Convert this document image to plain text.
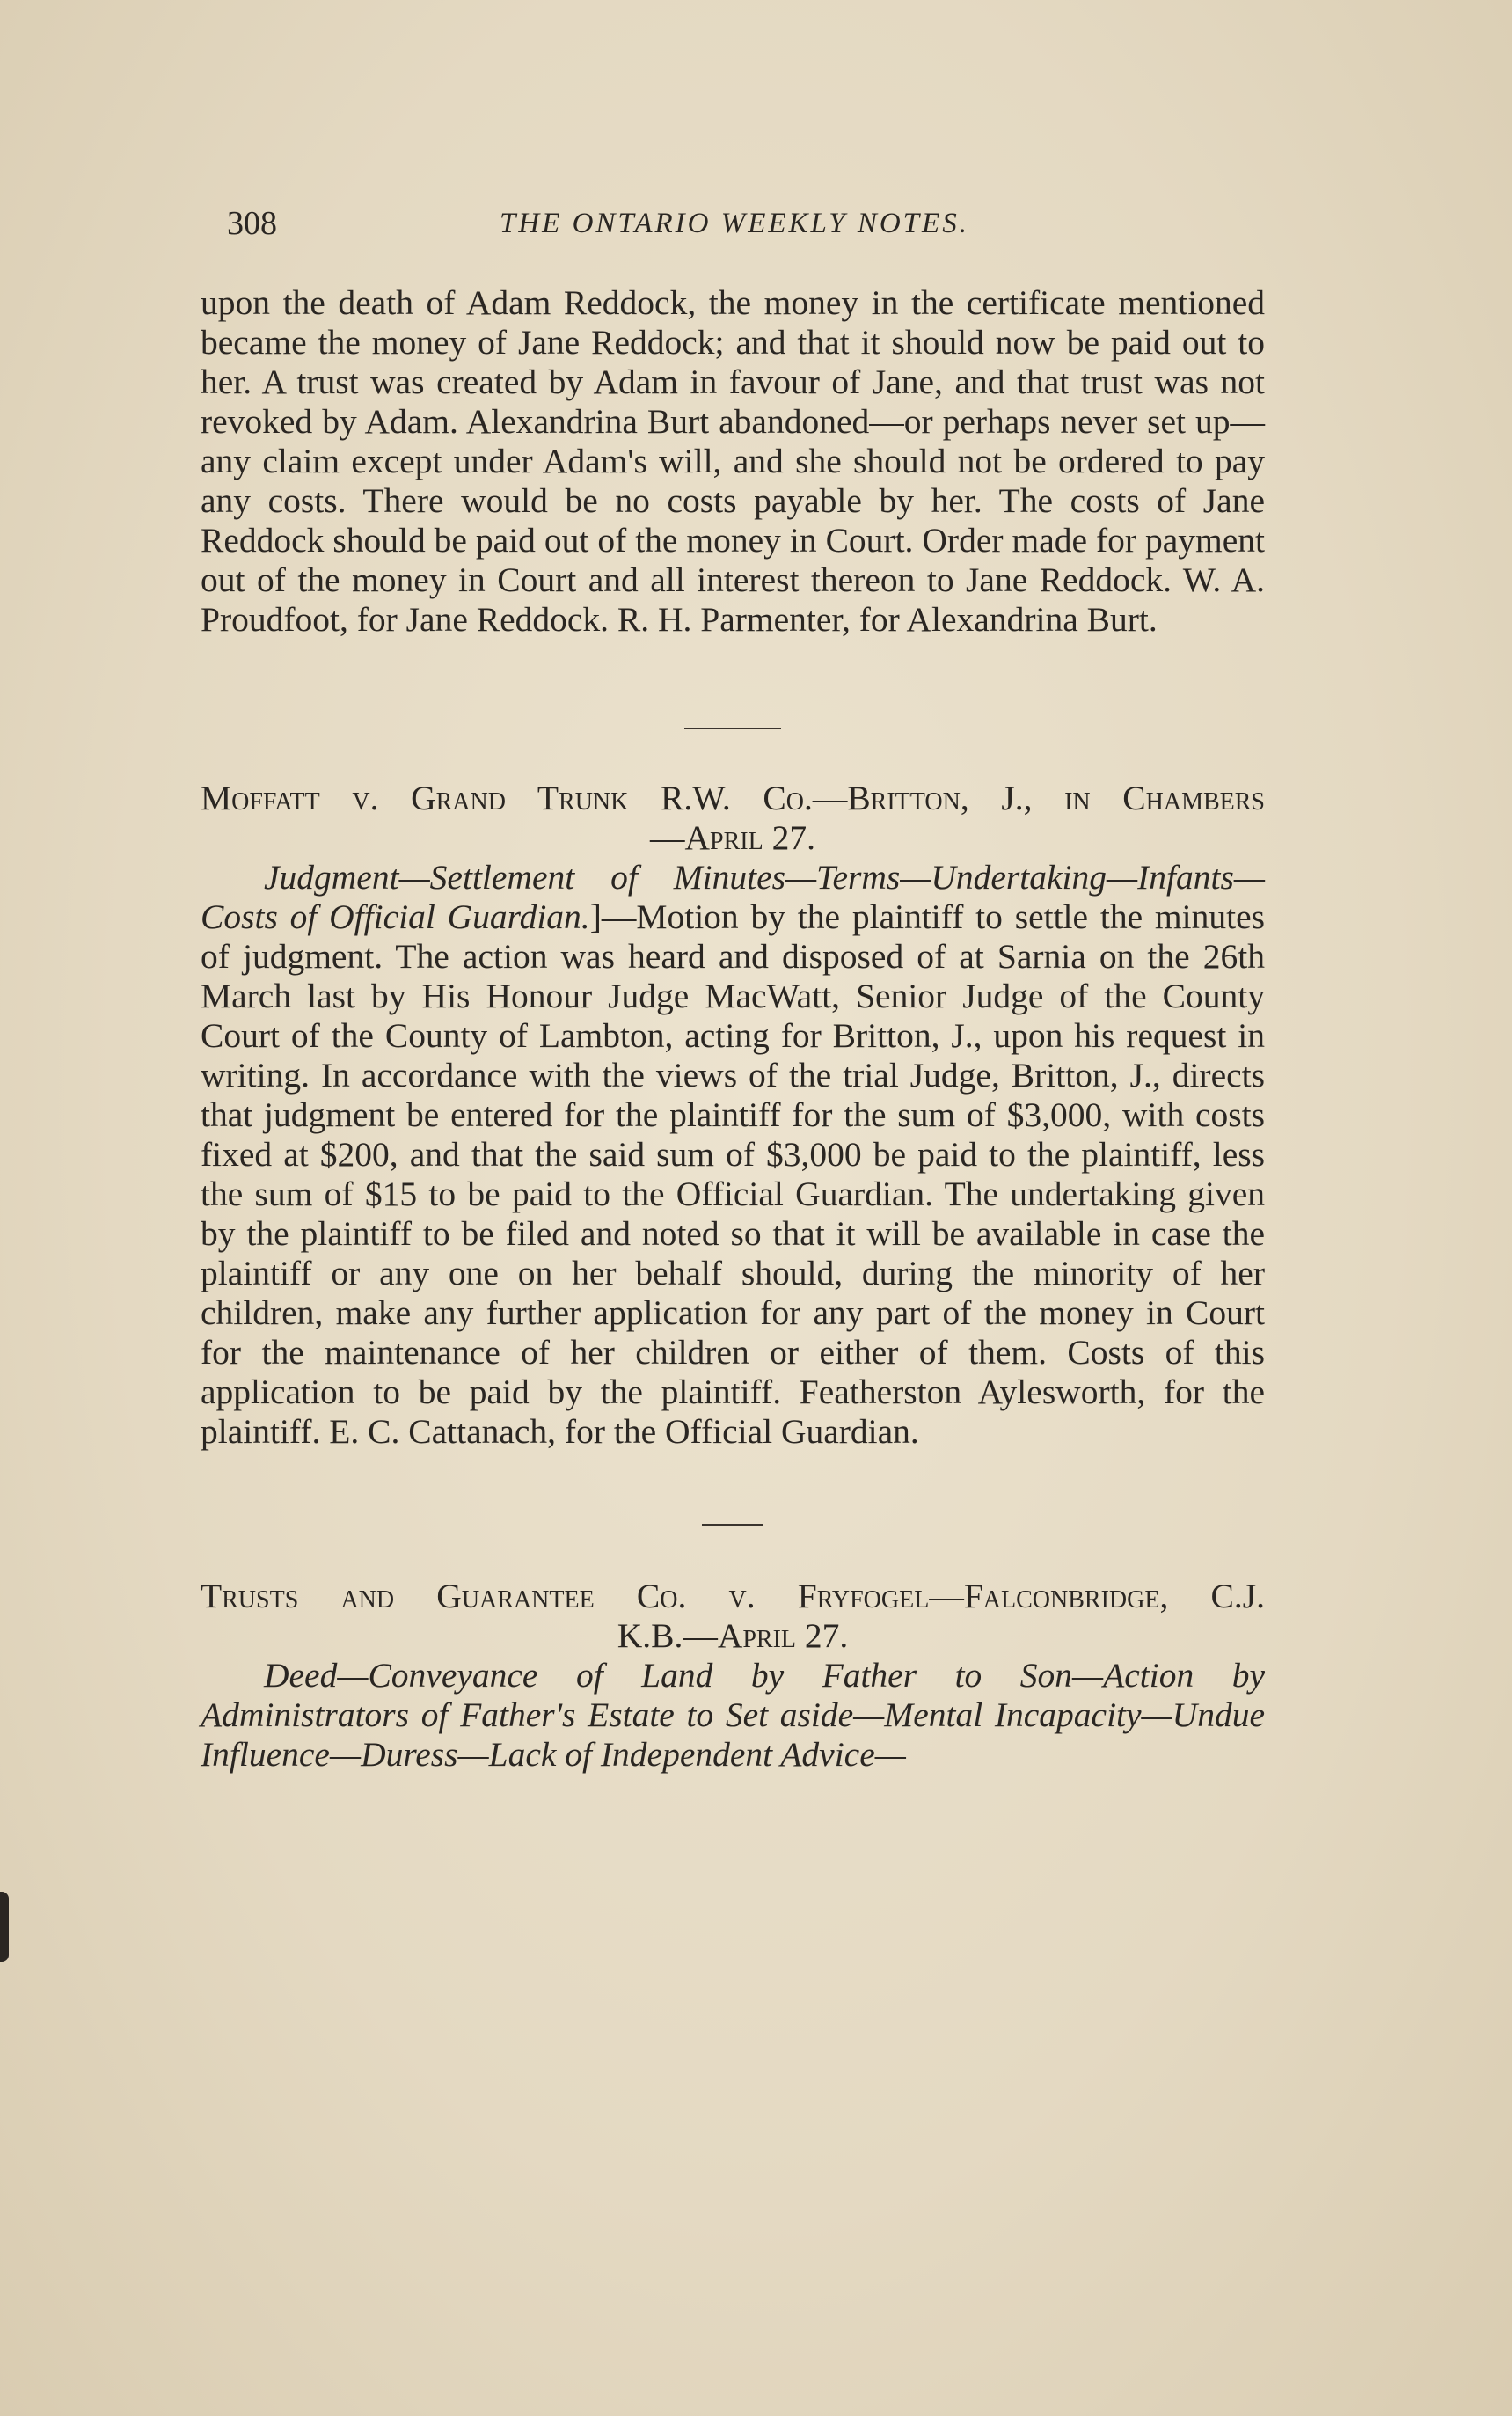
308	THE ONTARIO WEEKLY NOTES.

upon the death of Adam Reddock, the money in the certificate mentioned became the money of Jane Reddock; and that it should now be paid out to her. A trust was created by Adam in favour of Jane, and that trust was not revoked by Adam. Alexandrina Burt abandoned—or perhaps never set up—any claim except under Adam's will, and she should not be ordered to pay any costs. There would be no costs payable by her. The costs of Jane Reddock should be paid out of the money in Court. Order made for payment out of the money in Court and all interest thereon to Jane Reddock. W. A. Proudfoot, for Jane Reddock. R. H. Parmenter, for Alexandrina Burt.

Moffatt v. Grand Trunk R.W. Co.—Britton, J., in Chambers
—April 27.

Judgment—Settlement of Minutes—Terms—Undertaking—Infants—Costs of Official Guardian.]—Motion by the plaintiff to settle the minutes of judgment. The action was heard and disposed of at Sarnia on the 26th March last by His Honour Judge MacWatt, Senior Judge of the County Court of the County of Lambton, acting for Britton, J., upon his request in writing. In accordance with the views of the trial Judge, Britton, J., directs that judgment be entered for the plaintiff for the sum of $3,000, with costs fixed at $200, and that the said sum of $3,000 be paid to the plaintiff, less the sum of $15 to be paid to the Official Guardian. The undertaking given by the plaintiff to be filed and noted so that it will be available in case the plaintiff or any one on her behalf should, during the minority of her children, make any further application for any part of the money in Court for the maintenance of her children or either of them. Costs of this application to be paid by the plaintiff. Featherston Aylesworth, for the plaintiff. E. C. Cattanach, for the Official Guardian.

Trusts and Guarantee Co. v. Fryfogel—Falconbridge, C.J.
K.B.—April 27.

Deed—Conveyance of Land by Father to Son—Action by Administrators of Father's Estate to Set aside—Mental Incapacity—Undue Influence—Duress—Lack of Independent Advice—
